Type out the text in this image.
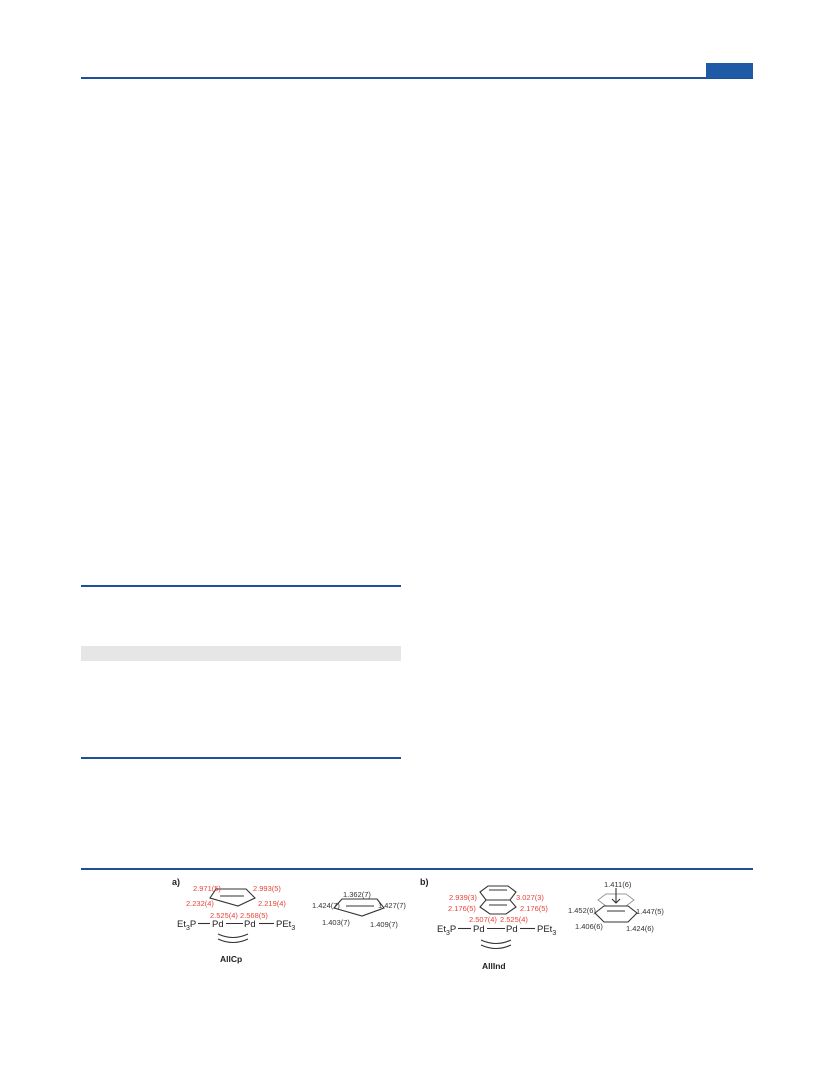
a)
2.971(5)	2.993(5)
2.232(4)	2.219(4)
2.525(4) 2.568(5)
$Et_3P$ Pd Pd PEt$_3$
AllCp
1.362(7)
1.424(7)	1.427(7)
1.403(7)	1.409(7)
b)
2.939(3)	3.027(3)
2.176(5)	2.176(5)
2.507(4) 2.525(4)
$Et_3P$ Pd Pd PEt$_3$
AllInd
1.411(6)
1.452(6)	1.447(5)
1.406(6)	1.424(6)
